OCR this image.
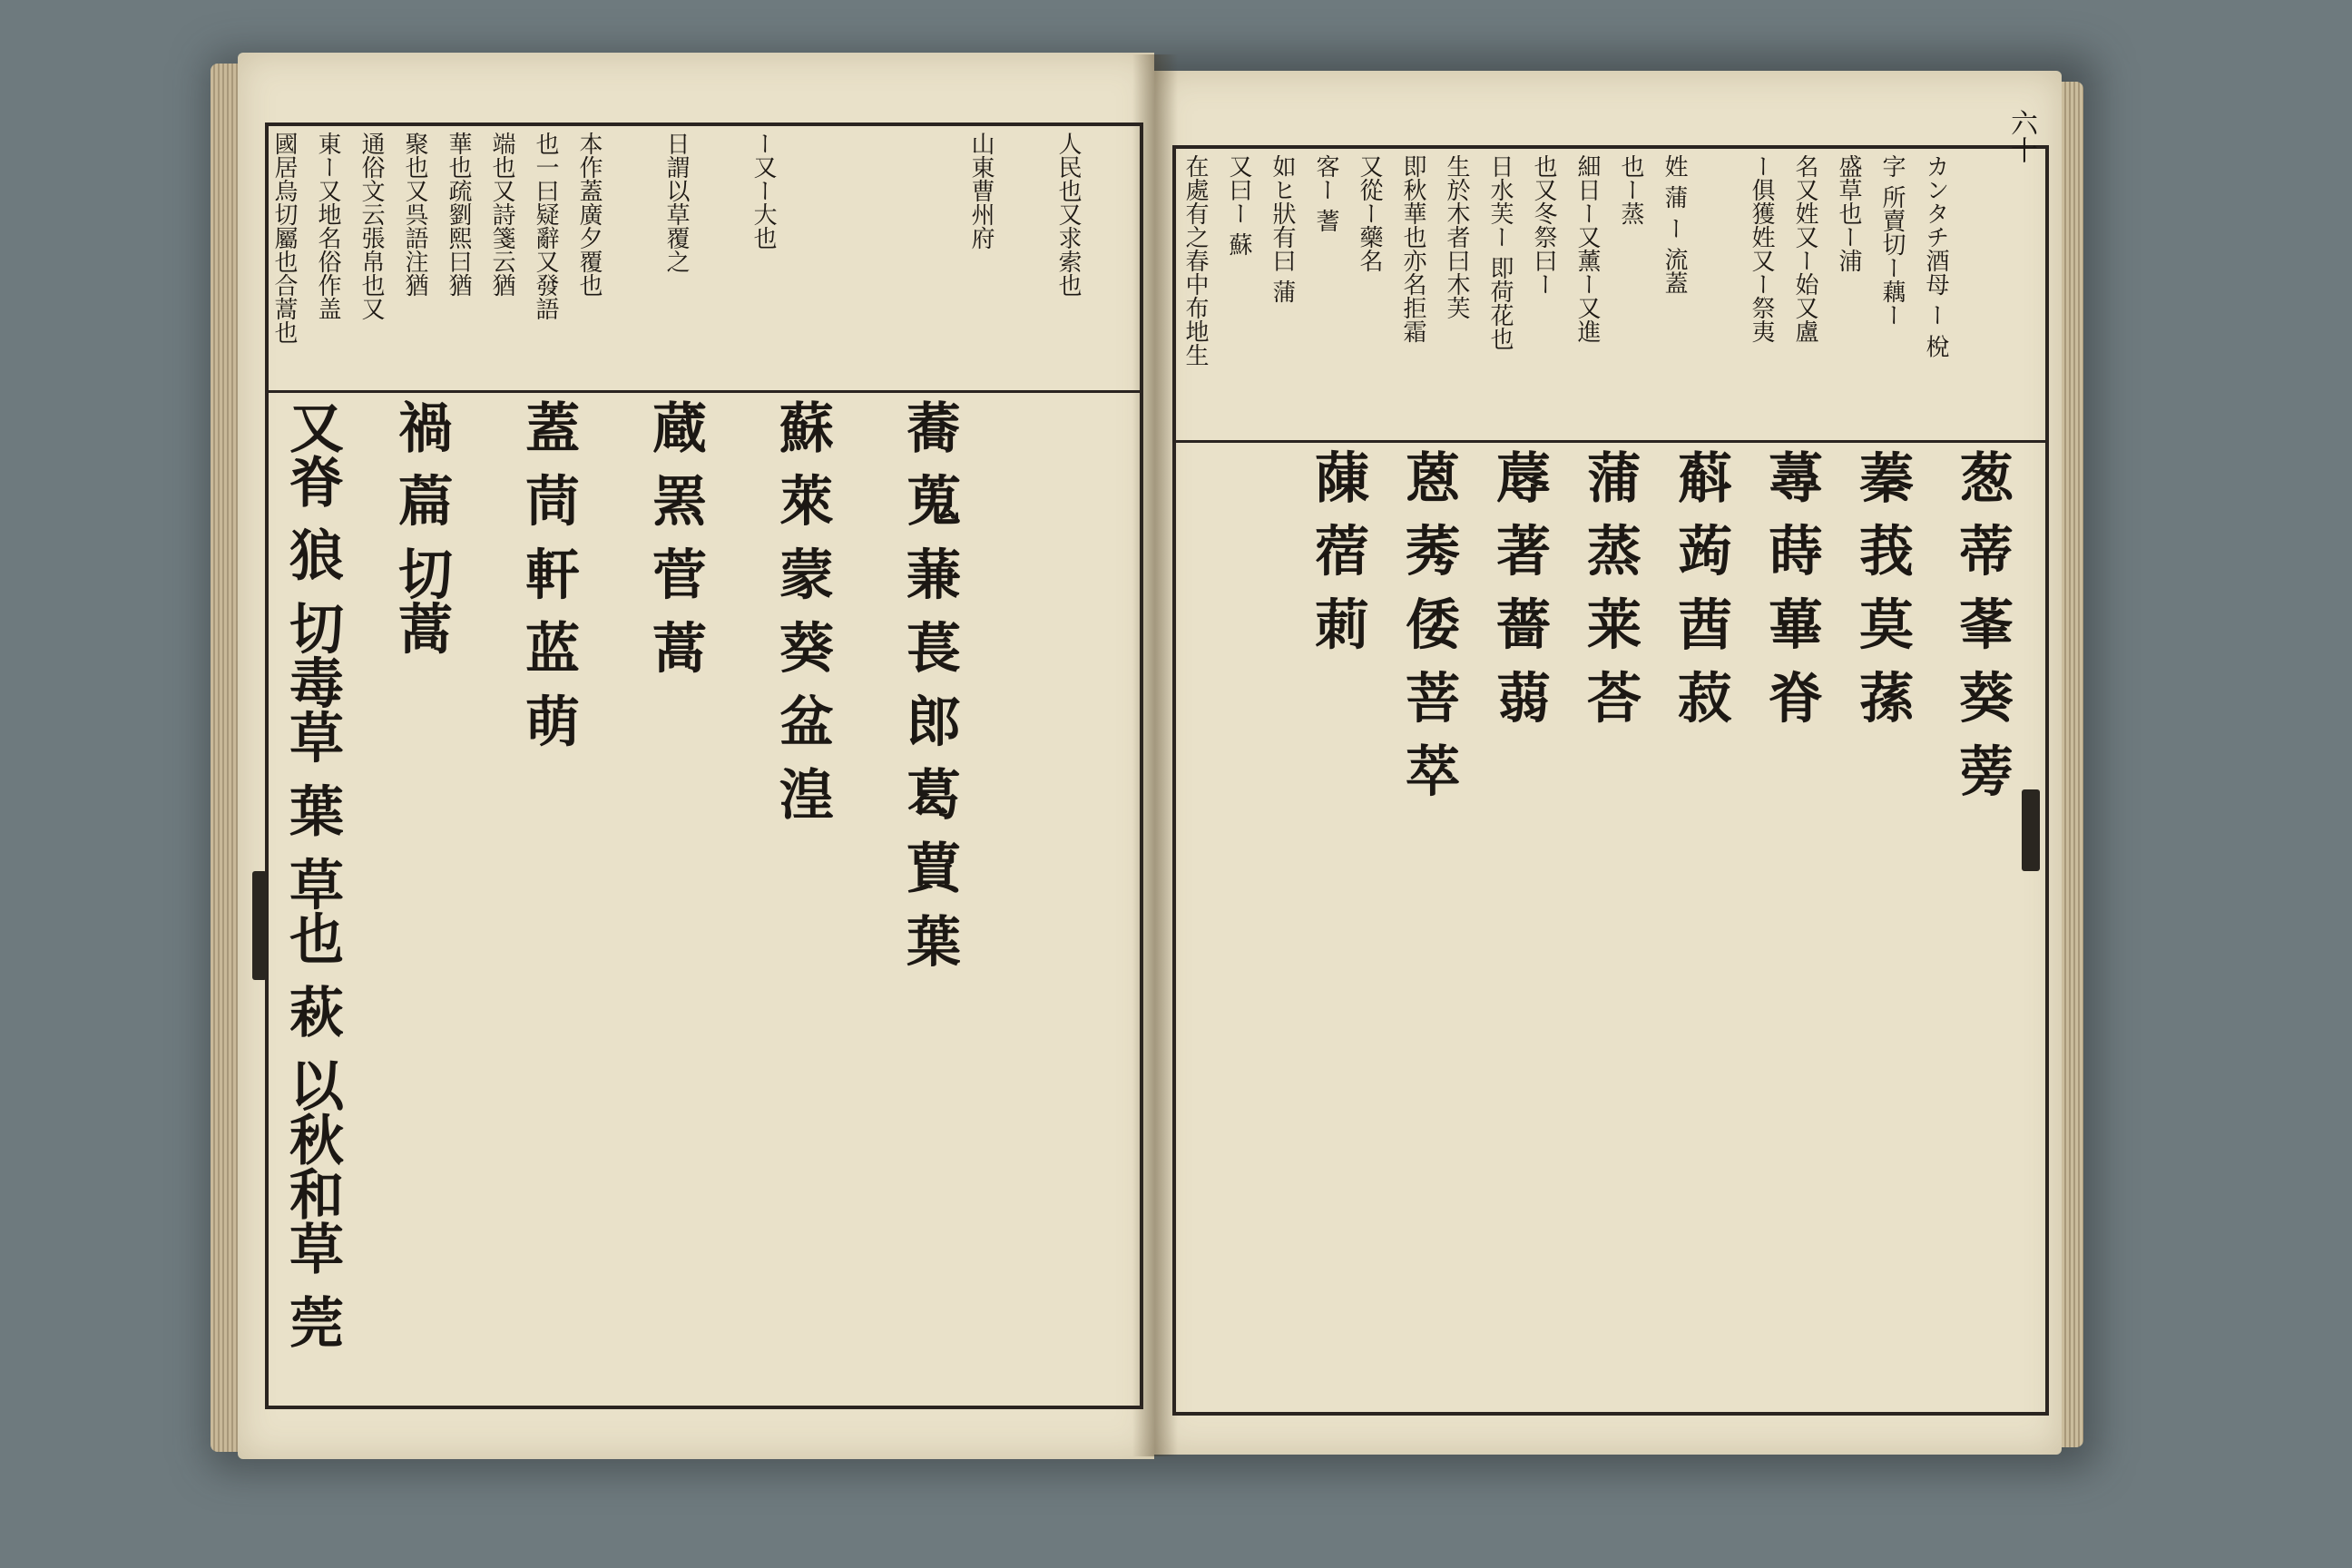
六十
國居烏切屬也合蒿也 東ー又地名俗作盖 通俗文云張帛也又 聚也又呉語注猶 華也疏劉熙曰猶 端也又詩箋云猶 也一曰疑辭又發語 本作蓋廣夕覆也	日謂以草覆之	ー又ー大也	山東曹州府	人民也又求索也
又脊 狼 切毒草 葉 草也 萩 以秋和草 莞 禍 萹 切蒿 蓋 茼 軒 蓝 萌 蔵 罴 菅 蒿 蘇 萊 蒙 葵 盆 湟 蕎 蒐 蒹 萇 郎 葛 蕒 葉
在處有之春中布地生 又曰ー 蘇 如ヒ狀有曰 蒲 客ー 蓍 又從ー藥名 即秋華也亦名拒霜 生於木者曰木芙 日水芙ー 即荷花也 也又冬祭曰ー 細日ー又薰ー又進 也ー蒸 姓 蒲 ー 流蓋	ー俱獲姓又ー祭夷 名又姓又ー始又盧 盛草也ー浦 字 所賣切ー藕ー カンタチ酒母 ー 梲
蔯 蓿 莿 蒽 莠 倭 菩 萃 蓐 著 薔 蒻 蒲 蒸 莱 荅 蔛 蒟 莤 菽 蕁 蒔 蓽 脊 蓁 莪 莫 蓀 葱 蒂 莑 葵 蒡
